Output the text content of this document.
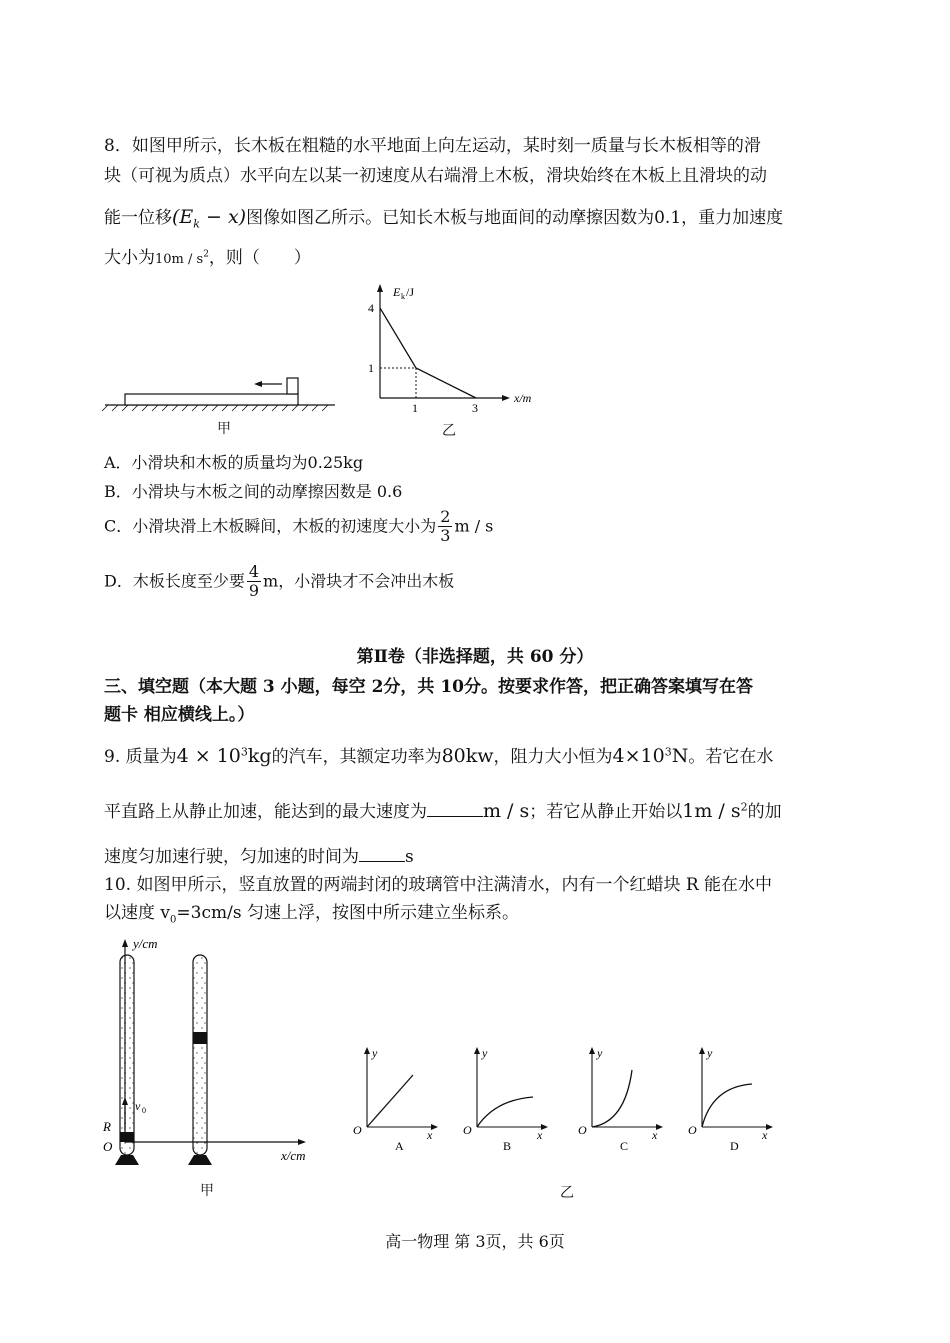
8．如图甲所示，长木板在粗糙的水平地面上向左运动，某时刻一质量与长木板相等的滑
块（可视为质点）水平向左以某一初速度从右端滑上木板，滑块始终在木板上且滑块的动
能一位移$(E_k - x)$图像如图乙所示。已知长木板与地面间的动摩擦因数为0.1，重力加速度
大小为$10m / s^2$，则（　　）
甲
E k /J
4
1
1	3
x/m
乙
A．小滑块和木板的质量均为0.25kg
B．小滑块与木板之间的动摩擦因数是 0.6
C．小滑块滑上木板瞬间，木板的初速度大小为 $\frac{2}{3}$ m / s
D．木板长度至少要 $\frac{4}{9}$ m，小滑块才不会冲出木板
第Ⅱ卷（非选择题，共 60 分）
三、填空题（本大题 3 小题，每空 2分，共 10分。按要求作答，把正确答案填写在答
题卡 相应横线上。）
9. 质量为$4 \times 10^3kg$的汽车，其额定功率为80kw，阻力大小恒为$4\times 10^3N$。若它在水
平直路上从静止加速，能达到的最大速度为	m / s；若它从静止开始以$1m / s^2$的加
速度匀加速行驶，匀加速的时间为	s
10. 如图甲所示，竖直放置的两端封闭的玻璃管中注满清水，内有一个红蜡块 R 能在水中
以速度 $v_0=3cm/s$ 匀速上浮，按图中所示建立坐标系。
y/cm
x/cm
O
R
v 0
甲
y
O	x
A
y
O	x
B
y
O	x
C
y
O	x
D
乙
高一物理 第 3页，共 6页
